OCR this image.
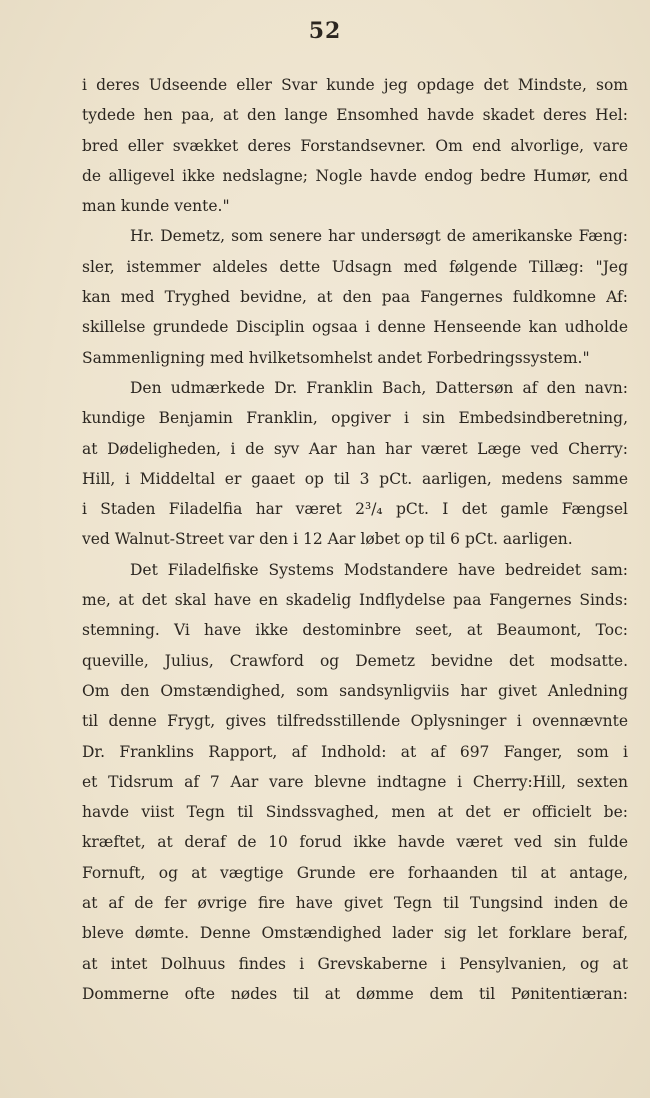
52
i deres Udseende eller Svar kunde jeg opdage det Mindste, som
tydede hen paa, at den lange Ensomhed havde skadet deres Hel:
bred eller svækket deres Forstandsevner. Om end alvorlige, vare
de alligevel ikke nedslagne; Nogle havde endog bedre Humør, end
man kunde vente."
Hr. Demetz, som senere har undersøgt de amerikanske Fæng:
sler, istemmer aldeles dette Udsagn med følgende Tillæg: "Jeg
kan med Tryghed bevidne, at den paa Fangernes fuldkomne Af:
skillelse grundede Disciplin ogsaa i denne Henseende kan udholde
Sammenligning med hvilketsomhelst andet Forbedringssystem."
Den udmærkede Dr. Franklin Bach, Dattersøn af den navn:
kundige Benjamin Franklin, opgiver i sin Embedsindberetning,
at Dødeligheden, i de syv Aar han har været Læge ved Cherry:
Hill, i Middeltal er gaaet op til 3 pCt. aarligen, medens samme
i Staden Filadelfia har været 2³/₄ pCt. I det gamle Fængsel
ved Walnut-Street var den i 12 Aar løbet op til 6 pCt. aarligen.
Det Filadelfiske Systems Modstandere have bedreidet sam:
me, at det skal have en skadelig Indflydelse paa Fangernes Sinds:
stemning. Vi have ikke destominbre seet, at Beaumont, Toc:
queville, Julius, Crawford og Demetz bevidne det modsatte.
Om den Omstændighed, som sandsynligviis har givet Anledning
til denne Frygt, gives tilfredsstillende Oplysninger i ovennævnte
Dr. Franklins Rapport, af Indhold: at af 697 Fanger, som i
et Tidsrum af 7 Aar vare blevne indtagne i Cherry:Hill, sexten
havde viist Tegn til Sindssvaghed, men at det er officielt be:
kræftet, at deraf de 10 forud ikke havde været ved sin fulde
Fornuft, og at vægtige Grunde ere forhaanden til at antage,
at af de fer øvrige fire have givet Tegn til Tungsind inden de
bleve dømte. Denne Omstændighed lader sig let forklare beraf,
at intet Dolhuus findes i Grevskaberne i Pensylvanien, og at
Dommerne ofte nødes til at dømme dem til Pønitentiæran:
